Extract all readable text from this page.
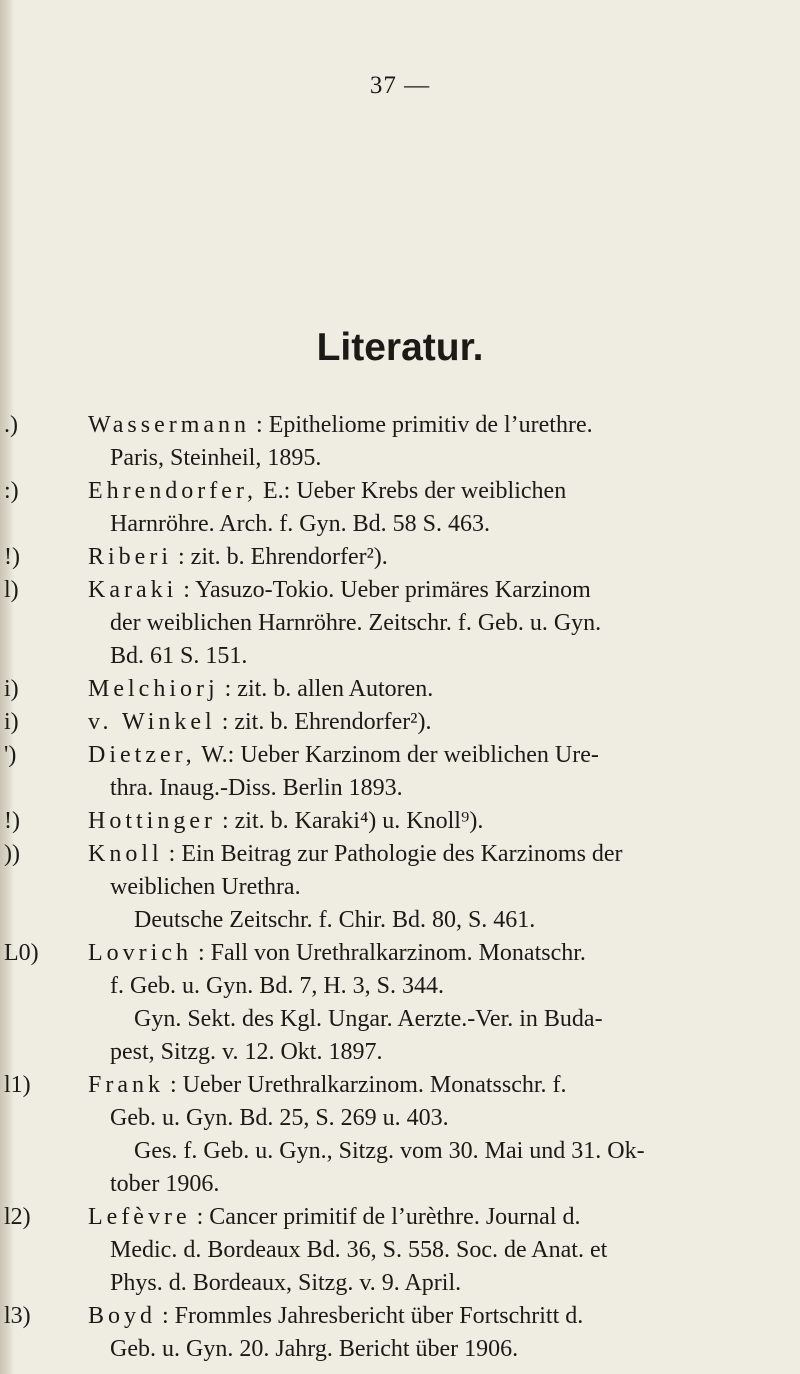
37 —
Literatur.
.)	Wassermann : Epitheliome primitiv de l’urethre.
Paris, Steinheil, 1895.
:)	Ehrendorfer, E.: Ueber Krebs der weiblichen
Harnröhre. Arch. f. Gyn. Bd. 58 S. 463.
!)	Riberi : zit. b. Ehrendorfer²).
l)	Karaki : Yasuzo-Tokio. Ueber primäres Karzinom
der weiblichen Harnröhre. Zeitschr. f. Geb. u. Gyn.
Bd. 61 S. 151.
i)	Melchiorj : zit. b. allen Autoren.
i)	v. Winkel : zit. b. Ehrendorfer²).
')	Dietzer, W.: Ueber Karzinom der weiblichen Ure-
thra. Inaug.-Diss. Berlin 1893.
!)	Hottinger : zit. b. Karaki⁴) u. Knoll⁹).
))	Knoll : Ein Beitrag zur Pathologie des Karzinoms der
weiblichen Urethra.
Deutsche Zeitschr. f. Chir. Bd. 80, S. 461.
L0) Lovrich : Fall von Urethralkarzinom. Monatschr.
f. Geb. u. Gyn. Bd. 7, H. 3, S. 344.
Gyn. Sekt. des Kgl. Ungar. Aerzte.-Ver. in Buda-
pest, Sitzg. v. 12. Okt. 1897.
l1) Frank : Ueber Urethralkarzinom. Monatsschr. f.
Geb. u. Gyn. Bd. 25, S. 269 u. 403.
Ges. f. Geb. u. Gyn., Sitzg. vom 30. Mai und 31. Ok-
tober 1906.
l2) Lefèvre : Cancer primitif de l’urèthre. Journal d.
Medic. d. Bordeaux Bd. 36, S. 558. Soc. de Anat. et
Phys. d. Bordeaux, Sitzg. v. 9. April.
l3) Boyd : Frommles Jahresbericht über Fortschritt d.
Geb. u. Gyn. 20. Jahrg. Bericht über 1906.
